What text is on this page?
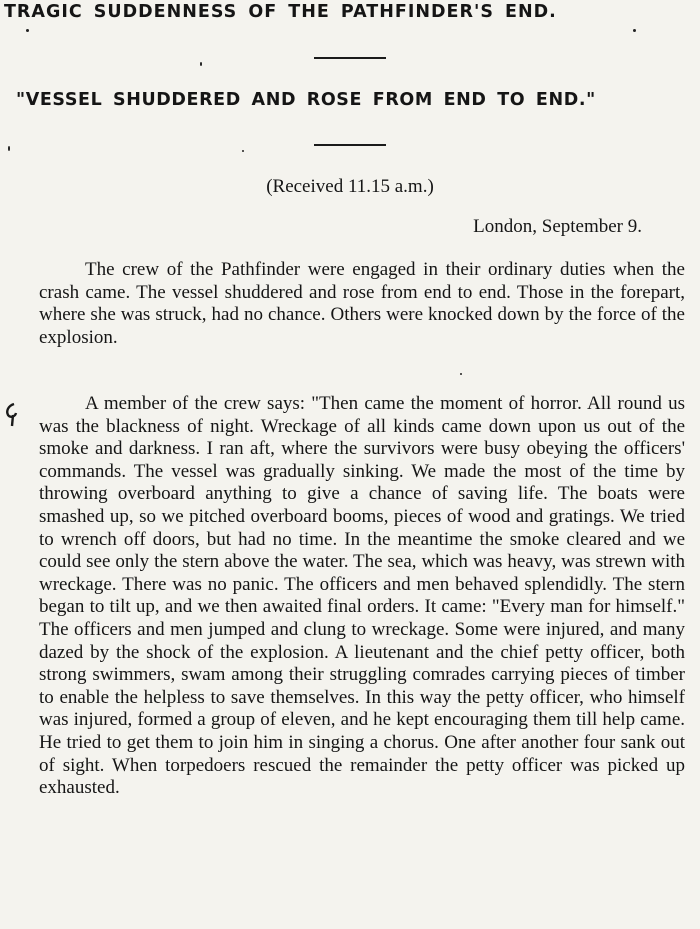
TRAGIC SUDDENNESS OF THE PATHFINDER'S END.
"VESSEL SHUDDERED AND ROSE FROM END TO END."
(Received 11.15 a.m.)
London, September 9.

The crew of the Pathfinder were engaged in their ordinary duties when the crash came. The vessel shuddered and rose from end to end. Those in the forepart, where she was struck, had no chance. Others were knocked down by the force of the explosion.

A member of the crew says: "Then came the moment of horror. All round us was the blackness of night. Wreckage of all kinds came down upon us out of the smoke and darkness. I ran aft, where the survivors were busy obeying the officers' commands. The vessel was gradually sinking. We made the most of the time by throwing overboard anything to give a chance of saving life. The boats were smashed up, so we pitched overboard booms, pieces of wood and gratings. We tried to wrench off doors, but had no time. In the meantime the smoke cleared and we could see only the stern above the water. The sea, which was heavy, was strewn with wreckage. There was no panic. The officers and men behaved splendidly. The stern began to tilt up, and we then awaited final orders. It came: "Every man for himself." The officers and men jumped and clung to wreckage. Some were injured, and many dazed by the shock of the explosion. A lieutenant and the chief petty officer, both strong swimmers, swam among their struggling comrades carrying pieces of timber to enable the helpless to save themselves. In this way the petty officer, who himself was injured, formed a group of eleven, and he kept encouraging them till help came. He tried to get them to join him in singing a chorus. One after another four sank out of sight. When torpedoers rescued the remainder the petty officer was picked up exhausted.
